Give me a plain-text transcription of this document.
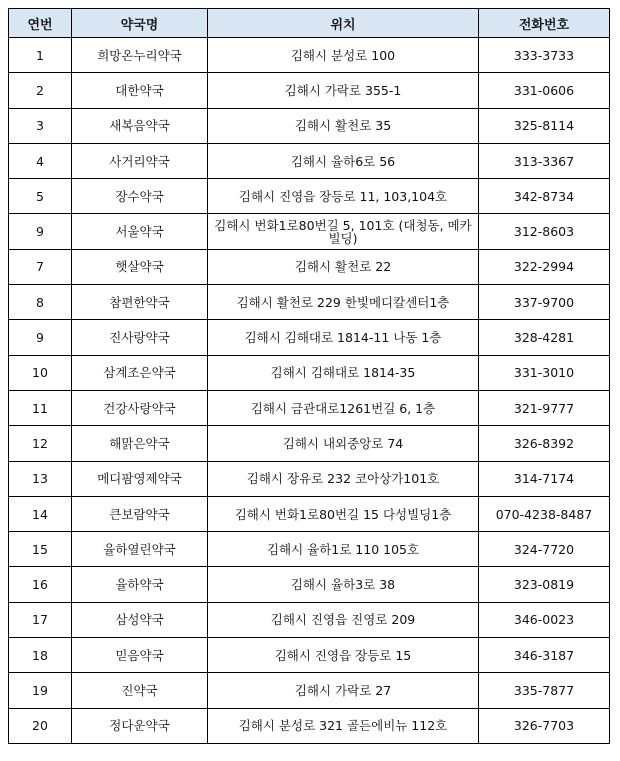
연번	약국명	위치	전화번호
1	희망온누리약국	김해시 분성로 100	333-3733
2	대한약국	김해시 가락로 355-1	331-0606
3	새복음약국	김해시 활천로 35	325-8114
4	사거리약국	김해시 율하6로 56	313-3367
5	장수약국	김해시 진영읍 장등로 11, 103,104호	342-8734
9	서울약국	김해시 번화1로80번길 5, 101호 (대청동, 메카빌딩)	312-8603
7	햇살약국	김해시 활천로 22	322-2994
8	참편한약국	김해시 활천로 229 한빛메디칼센터1층	337-9700
9	진사랑약국	김해시 김해대로 1814-11 나동 1층	328-4281
10	삼계조은약국	김해시 김해대로 1814-35	331-3010
11	건강사랑약국	김해시 금관대로1261번길 6, 1층	321-9777
12	해맑은약국	김해시 내외중앙로 74	326-8392
13	메디팜영제약국	김해시 장유로 232 코아상가101호	314-7174
14	큰보람약국	김해시 번화1로80번길 15 다성빌딩1층	070-4238-8487
15	율하열린약국	김해시 율하1로 110 105호	324-7720
16	율하약국	김해시 율하3로 38	323-0819
17	삼성약국	김해시 진영읍 진영로 209	346-0023
18	믿음약국	김해시 진영읍 장등로 15	346-3187
19	진약국	김해시 가락로 27	335-7877
20	정다운약국	김해시 분성로 321 골든에비뉴 112호	326-7703
